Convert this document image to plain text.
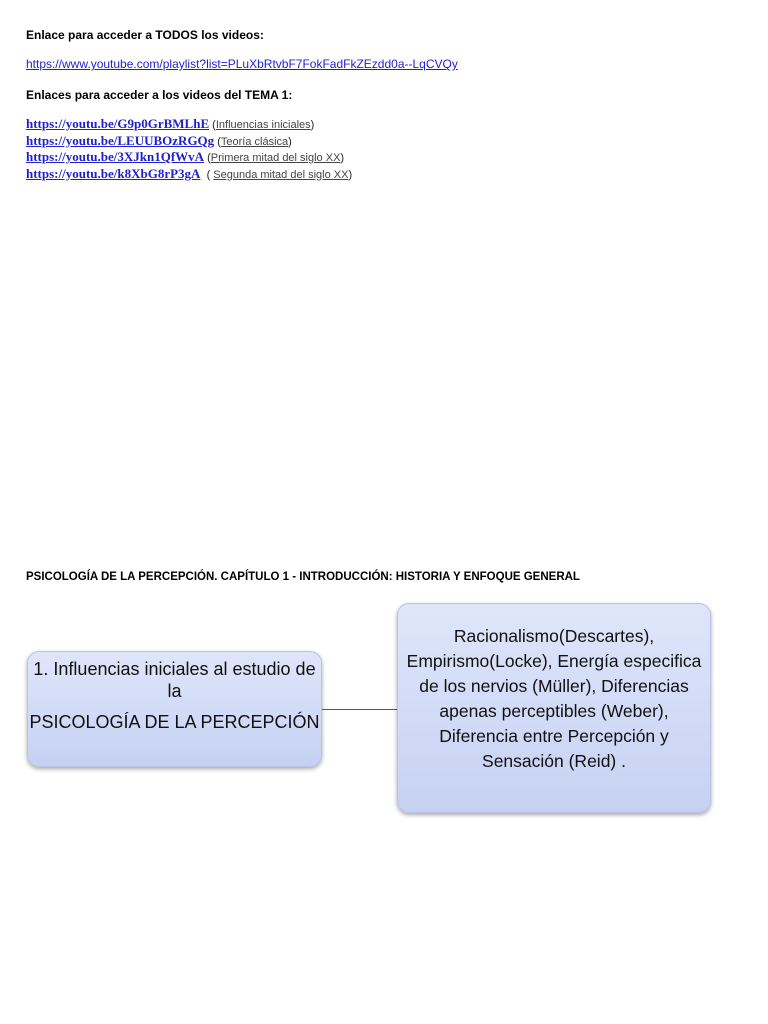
Enlace para acceder a TODOS los videos:
https://www.youtube.com/playlist?list=PLuXbRtvbF7FokFadFkZEzdd0a--LqCVQy
Enlaces para acceder a los videos del TEMA 1:
https://youtu.be/G9p0GrBMLhE (Influencias iniciales)
https://youtu.be/LEUUBOzRGQg (Teoría clásica)
https://youtu.be/3XJkn1QfWvA (Primera mitad del siglo XX)
https://youtu.be/k8XbG8rP3gA  ( Segunda mitad del siglo XX)
PSICOLOGÍA DE LA PERCEPCIÓN. CAPÍTULO 1 - INTRODUCCIÓN: HISTORIA Y ENFOQUE GENERAL
1. Influencias iniciales al estudio de la
PSICOLOGÍA DE LA PERCEPCIÓN
Racionalismo(Descartes), Empirismo(Locke), Energía especifica de los nervios (Müller), Diferencias apenas perceptibles (Weber), Diferencia entre Percepción y Sensación (Reid) .
